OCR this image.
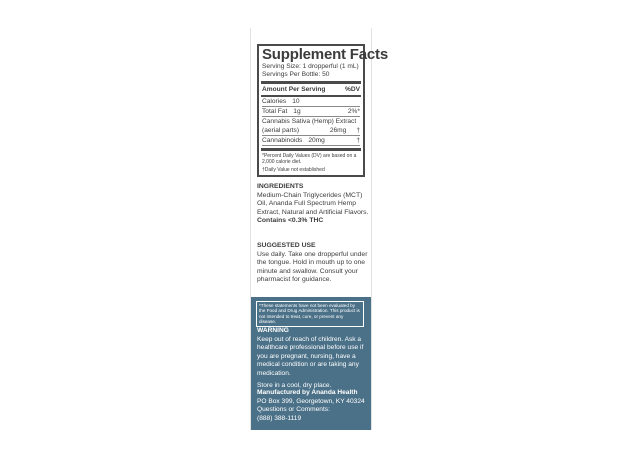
Supplement Facts
Serving Size: 1 dropperful (1 mL)
Servings Per Bottle: 50
Amount Per Serving	%DV
Calories 10
Total Fat 1g	2%*
Cannabis Sativa (Hemp) Extract
(aerial parts)	26mg †
Cannabinoids 20mg	†
*Percent Daily Values (DV) are based on a 2,000 calorie diet.
†Daily Value not established
INGREDIENTS
Medium-Chain Triglycerides (MCT) Oil, Ananda Full Spectrum Hemp Extract, Natural and Artificial Flavors.
Contains <0.3% THC
SUGGESTED USE
Use daily. Take one dropperful under the tongue. Hold in mouth up to one minute and swallow. Consult your pharmacist for guidance.
*These statements have not been evaluated by the Food and Drug Administration. This product is not intended to treat, cure, or prevent any disease.
WARNING
Keep out of reach of children. Ask a healthcare professional before use if you are pregnant, nursing, have a medical condition or are taking any medication.
Store in a cool, dry place.
Manufactured by Ananda Health
PO Box 399, Georgetown, KY 40324
Questions or Comments:
(888) 388-1119
